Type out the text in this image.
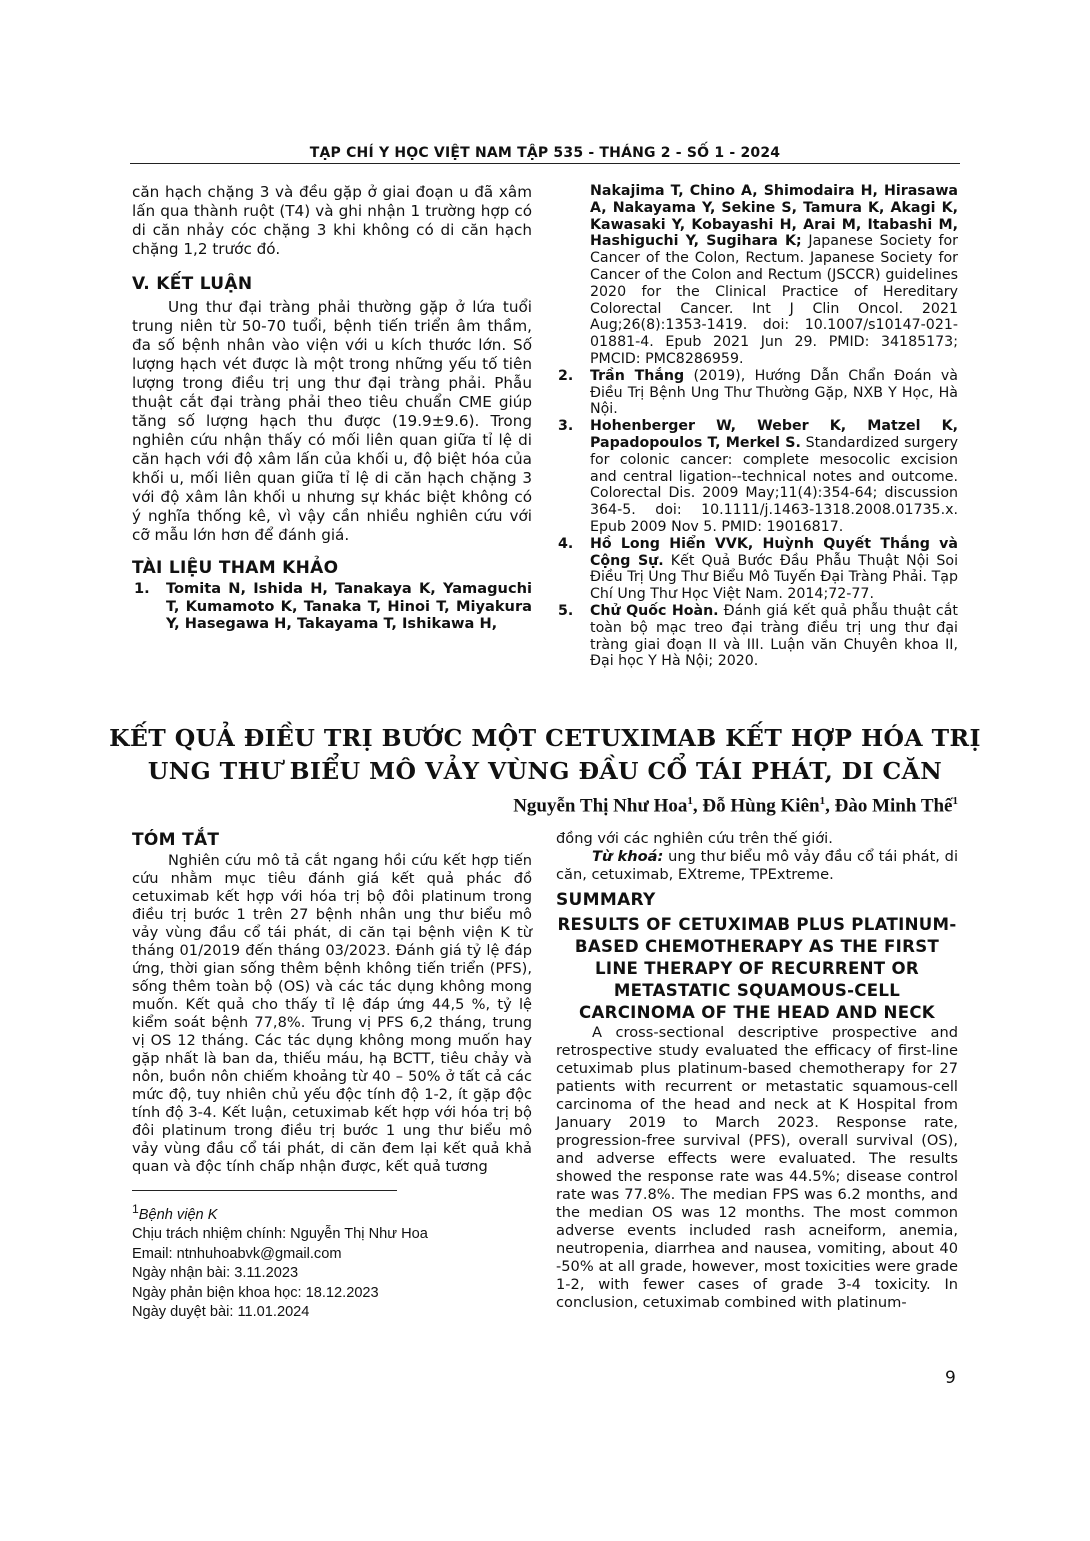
TẠP CHÍ Y HỌC VIỆT NAM TẬP 535 - THÁNG 2 - SỐ 1 - 2024

căn hạch chặng 3 và đều gặp ở giai đoạn u đã xâm lấn qua thành ruột (T4) và ghi nhận 1 trường hợp có di căn nhảy cóc chặng 3 khi không có di căn hạch chặng 1,2 trước đó.

V. KẾT LUẬN

Ung thư đại tràng phải thường gặp ở lứa tuổi trung niên từ 50-70 tuổi, bệnh tiến triển âm thầm, đa số bệnh nhân vào viện với u kích thước lớn. Số lượng hạch vét được là một trong những yếu tố tiên lượng trong điều trị ung thư đại tràng phải. Phẫu thuật cắt đại tràng phải theo tiêu chuẩn CME giúp tăng số lượng hạch thu được (19.9±9.6). Trong nghiên cứu nhận thấy có mối liên quan giữa tỉ lệ di căn hạch với độ xâm lấn của khối u, độ biệt hóa của khối u, mối liên quan giữa tỉ lệ di căn hạch chặng 3 với độ xâm lân khối u nhưng sự khác biệt không có ý nghĩa thống kê, vì vậy cần nhiều nghiên cứu với cỡ mẫu lớn hơn để đánh giá.

TÀI LIỆU THAM KHẢO
1. Tomita N, Ishida H, Tanakaya K, Yamaguchi T, Kumamoto K, Tanaka T, Hinoi T, Miyakura Y, Hasegawa H, Takayama T, Ishikawa H,
Nakajima T, Chino A, Shimodaira H, Hirasawa A, Nakayama Y, Sekine S, Tamura K, Akagi K, Kawasaki Y, Kobayashi H, Arai M, Itabashi M, Hashiguchi Y, Sugihara K; Japanese Society for Cancer of the Colon, Rectum. Japanese Society for Cancer of the Colon and Rectum (JSCCR) guidelines 2020 for the Clinical Practice of Hereditary Colorectal Cancer. Int J Clin Oncol. 2021 Aug;26(8):1353-1419. doi: 10.1007/s10147-021-01881-4. Epub 2021 Jun 29. PMID: 34185173; PMCID: PMC8286959.
2. Trần Thắng (2019), Hướng Dẫn Chẩn Đoán và Điều Trị Bệnh Ung Thư Thường Gặp, NXB Y Học, Hà Nội.
3. Hohenberger W, Weber K, Matzel K, Papadopoulos T, Merkel S. Standardized surgery for colonic cancer: complete mesocolic excision and central ligation--technical notes and outcome. Colorectal Dis. 2009 May;11(4):354-64; discussion 364-5. doi: 10.1111/j.1463-1318.2008.01735.x. Epub 2009 Nov 5. PMID: 19016817.
4. Hồ Long Hiển VVK, Huỳnh Quyết Thắng và Cộng Sự. Kết Quả Bước Đầu Phẫu Thuật Nội Soi Điều Trị Ung Thư Biểu Mô Tuyến Đại Tràng Phải. Tạp Chí Ung Thư Học Việt Nam. 2014;72-77.
5. Chử Quốc Hoàn. Đánh giá kết quả phẫu thuật cắt toàn bộ mạc treo đại tràng điều trị ung thư đại tràng giai đoạn II và III. Luận văn Chuyên khoa II, Đại học Y Hà Nội; 2020.
KẾT QUẢ ĐIỀU TRỊ BƯỚC MỘT CETUXIMAB KẾT HỢP HÓA TRỊ
UNG THƯ BIỂU MÔ VẢY VÙNG ĐẦU CỔ TÁI PHÁT, DI CĂN
Nguyễn Thị Như Hoa$^1$, Đỗ Hùng Kiên$^1$, Đào Minh Thế$^1$
TÓM TẮT

Nghiên cứu mô tả cắt ngang hồi cứu kết hợp tiến cứu nhằm mục tiêu đánh giá kết quả phác đồ cetuximab kết hợp với hóa trị bộ đôi platinum trong điều trị bước 1 trên 27 bệnh nhân ung thư biểu mô vảy vùng đầu cổ tái phát, di căn tại bệnh viện K từ tháng 01/2019 đến tháng 03/2023. Đánh giá tỷ lệ đáp ứng, thời gian sống thêm bệnh không tiến triển (PFS), sống thêm toàn bộ (OS) và các tác dụng không mong muốn. Kết quả cho thấy tỉ lệ đáp ứng 44,5 %, tỷ lệ kiểm soát bệnh 77,8%. Trung vị PFS 6,2 tháng, trung vị OS 12 tháng. Các tác dụng không mong muốn hay gặp nhất là ban da, thiếu máu, hạ BCTT, tiêu chảy và nôn, buồn nôn chiếm khoảng từ 40 – 50% ở tất cả các mức độ, tuy nhiên chủ yếu độc tính độ 1-2, ít gặp độc tính độ 3-4. Kết luận, cetuximab kết hợp với hóa trị bộ đôi platinum trong điều trị bước 1 ung thư biểu mô vảy vùng đầu cổ tái phát, di căn đem lại kết quả khả quan và độc tính chấp nhận được, kết quả tương

đồng với các nghiên cứu trên thế giới.

Từ khoá: ung thư biểu mô vảy đầu cổ tái phát, di căn, cetuximab, EXtreme, TPExtreme.

SUMMARY
RESULTS OF CETUXIMAB PLUS PLATINUM-BASED CHEMOTHERAPY AS THE FIRST LINE THERAPY OF RECURRENT OR METASTATIC SQUAMOUS-CELL CARCINOMA OF THE HEAD AND NECK

A cross-sectional descriptive prospective and retrospective study evaluated the efficacy of first-line cetuximab plus platinum-based chemotherapy for 27 patients with recurrent or metastatic squamous-cell carcinoma of the head and neck at K Hospital from January 2019 to March 2023. Response rate, progression-free survival (PFS), overall survival (OS), and adverse effects were evaluated. The results showed the response rate was 44.5%; disease control rate was 77.8%. The median FPS was 6.2 months, and the median OS was 12 months. The most common adverse events included rash acneiform, anemia, neutropenia, diarrhea and nausea, vomiting, about 40 -50% at all grade, however, most toxicities were grade 1-2, with fewer cases of grade 3-4 toxicity. In conclusion, cetuximab combined with platinum-

$^1$Bệnh viện K
Chịu trách nhiệm chính: Nguyễn Thị Như Hoa
Email: ntnhuhoabvk@gmail.com
Ngày nhận bài: 3.11.2023
Ngày phản biện khoa học: 18.12.2023
Ngày duyệt bài: 11.01.2024
9
